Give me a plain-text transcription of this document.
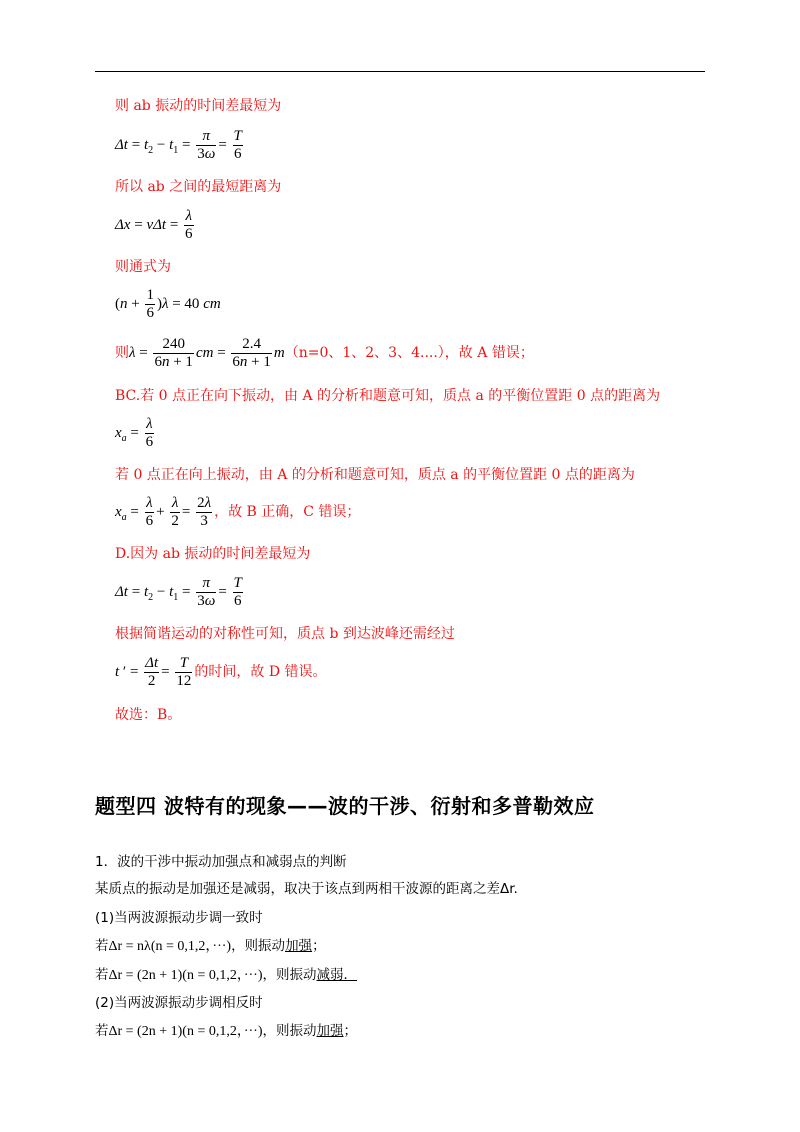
则 ab 振动的时间差最短为
$\Delta t = t_2 - t_1 = \frac{\pi}{3\omega} = \frac{T}{6}$
所以 ab 之间的最短距离为
$\Delta x = v\Delta t = \frac{\lambda}{6}$
则通式为
$(n + \frac{1}{6} )\lambda = 40$ cm
则$\lambda = \frac{240}{6n + 1}$ cm = $\frac{2.4}{6n + 1} m(n=0$、1、2、3、4....），故 A 错误；
BC.若 0 点正在向下振动，由 A 的分析和题意可知，质点 a 的平衡位置距 0 点的距离为
$x_a = \frac{\lambda}{6}$
若 0 点正在向上振动，由 A 的分析和题意可知，质点 a 的平衡位置距 0 点的距离为
$x_a = \frac{\lambda}{6} + \frac{\lambda}{2} = \frac{2\lambda}{3}$ ，故 B 正确，C 错误；
D.因为 ab 振动的时间差最短为
$\Delta t = t_2 - t_1 = \frac{\pi}{3\omega} = \frac{T}{6}$
根据简谐运动的对称性可知，质点 b 到达波峰还需经过
t ′ = $\frac{\Delta t}{2} = \frac{T}{12}$ 的时间，故 D 错误。
故选：B。
题型四 波特有的现象——波的干涉、衍射和多普勒效应
1．波的干涉中振动加强点和减弱点的判断
某质点的振动是加强还是减弱，取决于该点到两相干波源的距离之差Δr.
(1)当两波源振动步调一致时
若Δr = nλ(n = 0,1,2，···)，则振动加强；
若Δr = (2n + 1)(n = 0,1,2，···)，则振动减弱．
(2)当两波源振动步调相反时
若Δr = (2n + 1)(n = 0,1,2，···)，则振动加强；
